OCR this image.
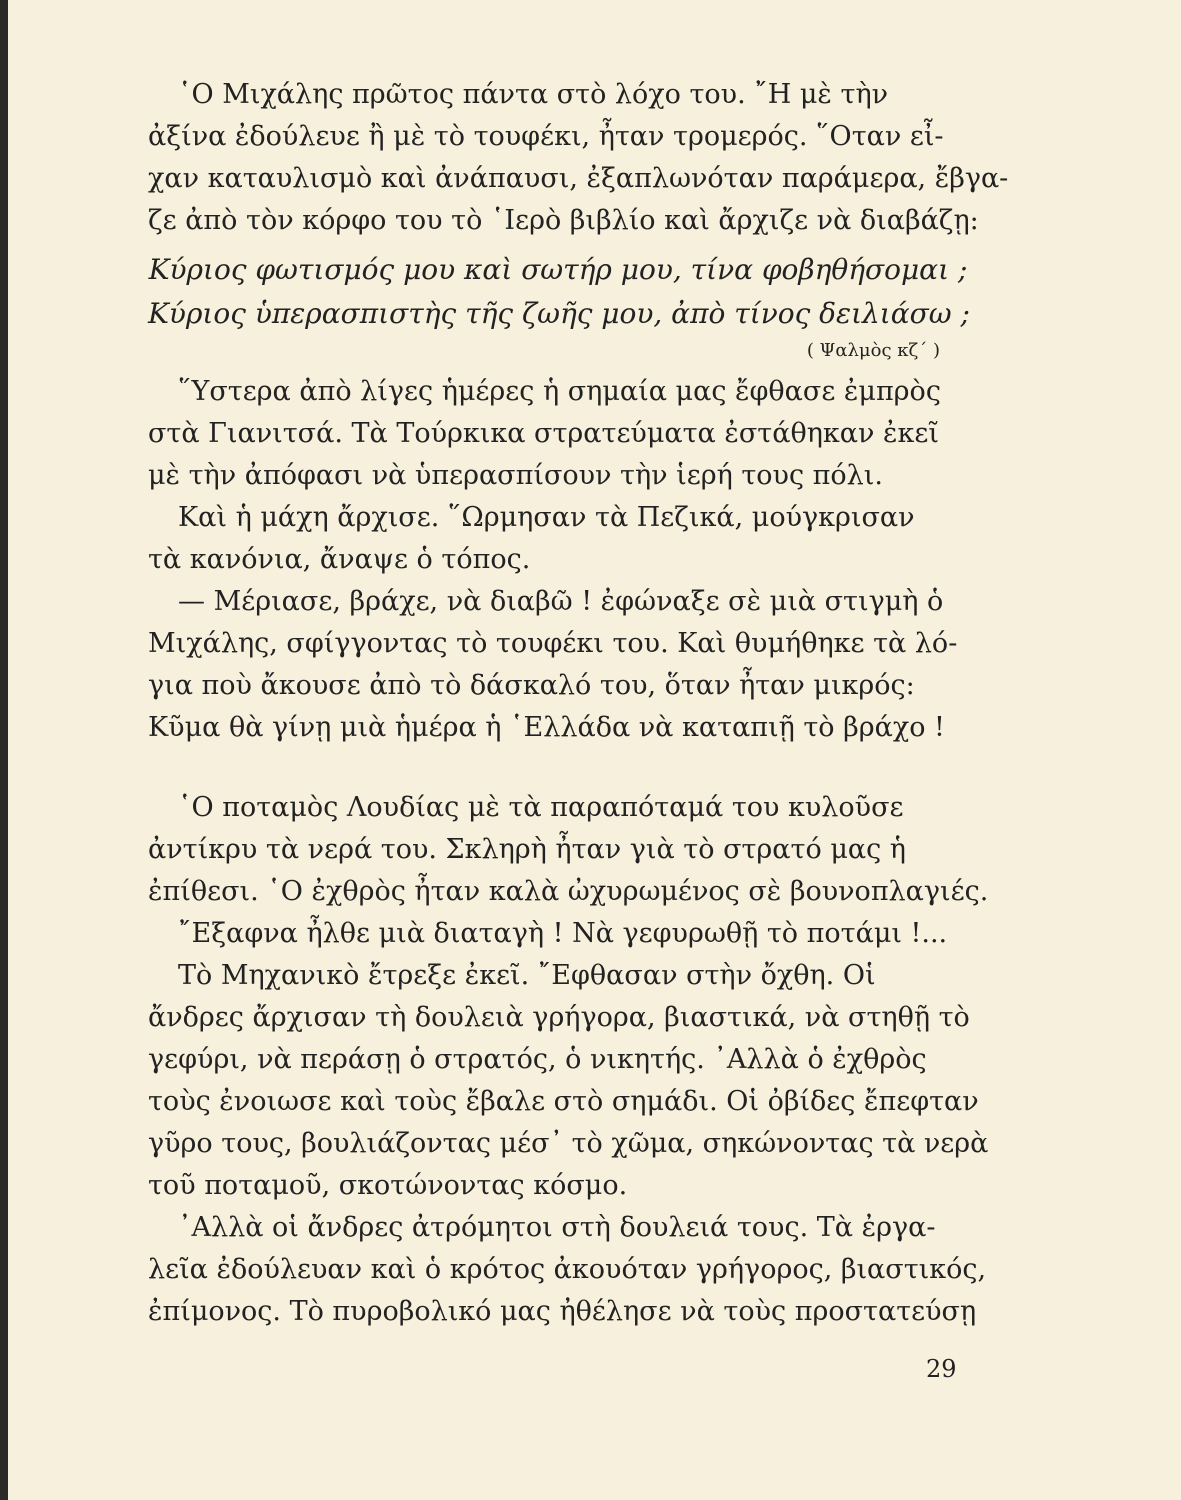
῾Ο Μιχάλης πρῶτος πάντα στὸ λόχο του. ῎Η μὲ τὴν
ἀξίνα ἐδούλευε ἢ μὲ τὸ τουφέκι, ἦταν τρομερός. ῞Οταν εἶ-
χαν καταυλισμὸ καὶ ἀνάπαυσι, ἐξαπλωνόταν παράμερα, ἔβγα-
ζε ἀπὸ τὸν κόρφο του τὸ ῾Ιερὸ βιβλίο καὶ ἄρχιζε νὰ διαβάζῃ:
Κύριος φωτισμός μου καὶ σωτήρ μου, τίνα φοβηθήσομαι ;
Κύριος ὑπερασπιστὴς τῆς ζωῆς μου, ἀπὸ τίνος δειλιάσω ;
( Ψαλμὸς κζ΄ )
῞Υστερα ἀπὸ λίγες ἡμέρες ἡ σημαία μας ἔφθασε ἐμπρὸς
στὰ Γιανιτσά. Τὰ Τούρκικα στρατεύματα ἐστάθηκαν ἐκεῖ
μὲ τὴν ἀπόφασι νὰ ὑπερασπίσουν τὴν ἱερή τους πόλι.
Καὶ ἡ μάχη ἄρχισε. ῞Ωρμησαν τὰ Πεζικά, μούγκρισαν
τὰ κανόνια, ἄναψε ὁ τόπος.
— Μέριασε, βράχε, νὰ διαβῶ ! ἐφώναξε σὲ μιὰ στιγμὴ ὁ
Μιχάλης, σφίγγοντας τὸ τουφέκι του. Καὶ θυμήθηκε τὰ λό-
για ποὺ ἄκουσε ἀπὸ τὸ δάσκαλό του, ὅταν ἦταν μικρός:
Κῦμα θὰ γίνῃ μιὰ ἡμέρα ἡ ῾Ελλάδα νὰ καταπιῇ τὸ βράχο !
῾Ο ποταμὸς Λουδίας μὲ τὰ παραπόταμά του κυλοῦσε
ἀντίκρυ τὰ νερά του. Σκληρὴ ἦταν γιὰ τὸ στρατό μας ἡ
ἐπίθεσι. ῾Ο ἐχθρὸς ἦταν καλὰ ὠχυρωμένος σὲ βουνοπλαγιές.
῎Εξαφνα ἦλθε μιὰ διαταγὴ ! Νὰ γεφυρωθῇ τὸ ποτάμι !...
Τὸ Μηχανικὸ ἔτρεξε ἐκεῖ. ῎Εφθασαν στὴν ὄχθη. Οἱ
ἄνδρες ἄρχισαν τὴ δουλειὰ γρήγορα, βιαστικά, νὰ στηθῇ τὸ
γεφύρι, νὰ περάσῃ ὁ στρατός, ὁ νικητής. ᾿Αλλὰ ὁ ἐχθρὸς
τοὺς ἐνοιωσε καὶ τοὺς ἔβαλε στὸ σημάδι. Οἱ ὀβίδες ἔπεφταν
γῦρο τους, βουλιάζοντας μέσ᾿ τὸ χῶμα, σηκώνοντας τὰ νερὰ
τοῦ ποταμοῦ, σκοτώνοντας κόσμο.
᾿Αλλὰ οἱ ἄνδρες ἀτρόμητοι στὴ δουλειά τους. Τὰ ἐργα-
λεῖα ἐδούλευαν καὶ ὁ κρότος ἀκουόταν γρήγορος, βιαστικός,
ἐπίμονος. Τὸ πυροβολικό μας ἠθέλησε νὰ τοὺς προστατεύσῃ
29
